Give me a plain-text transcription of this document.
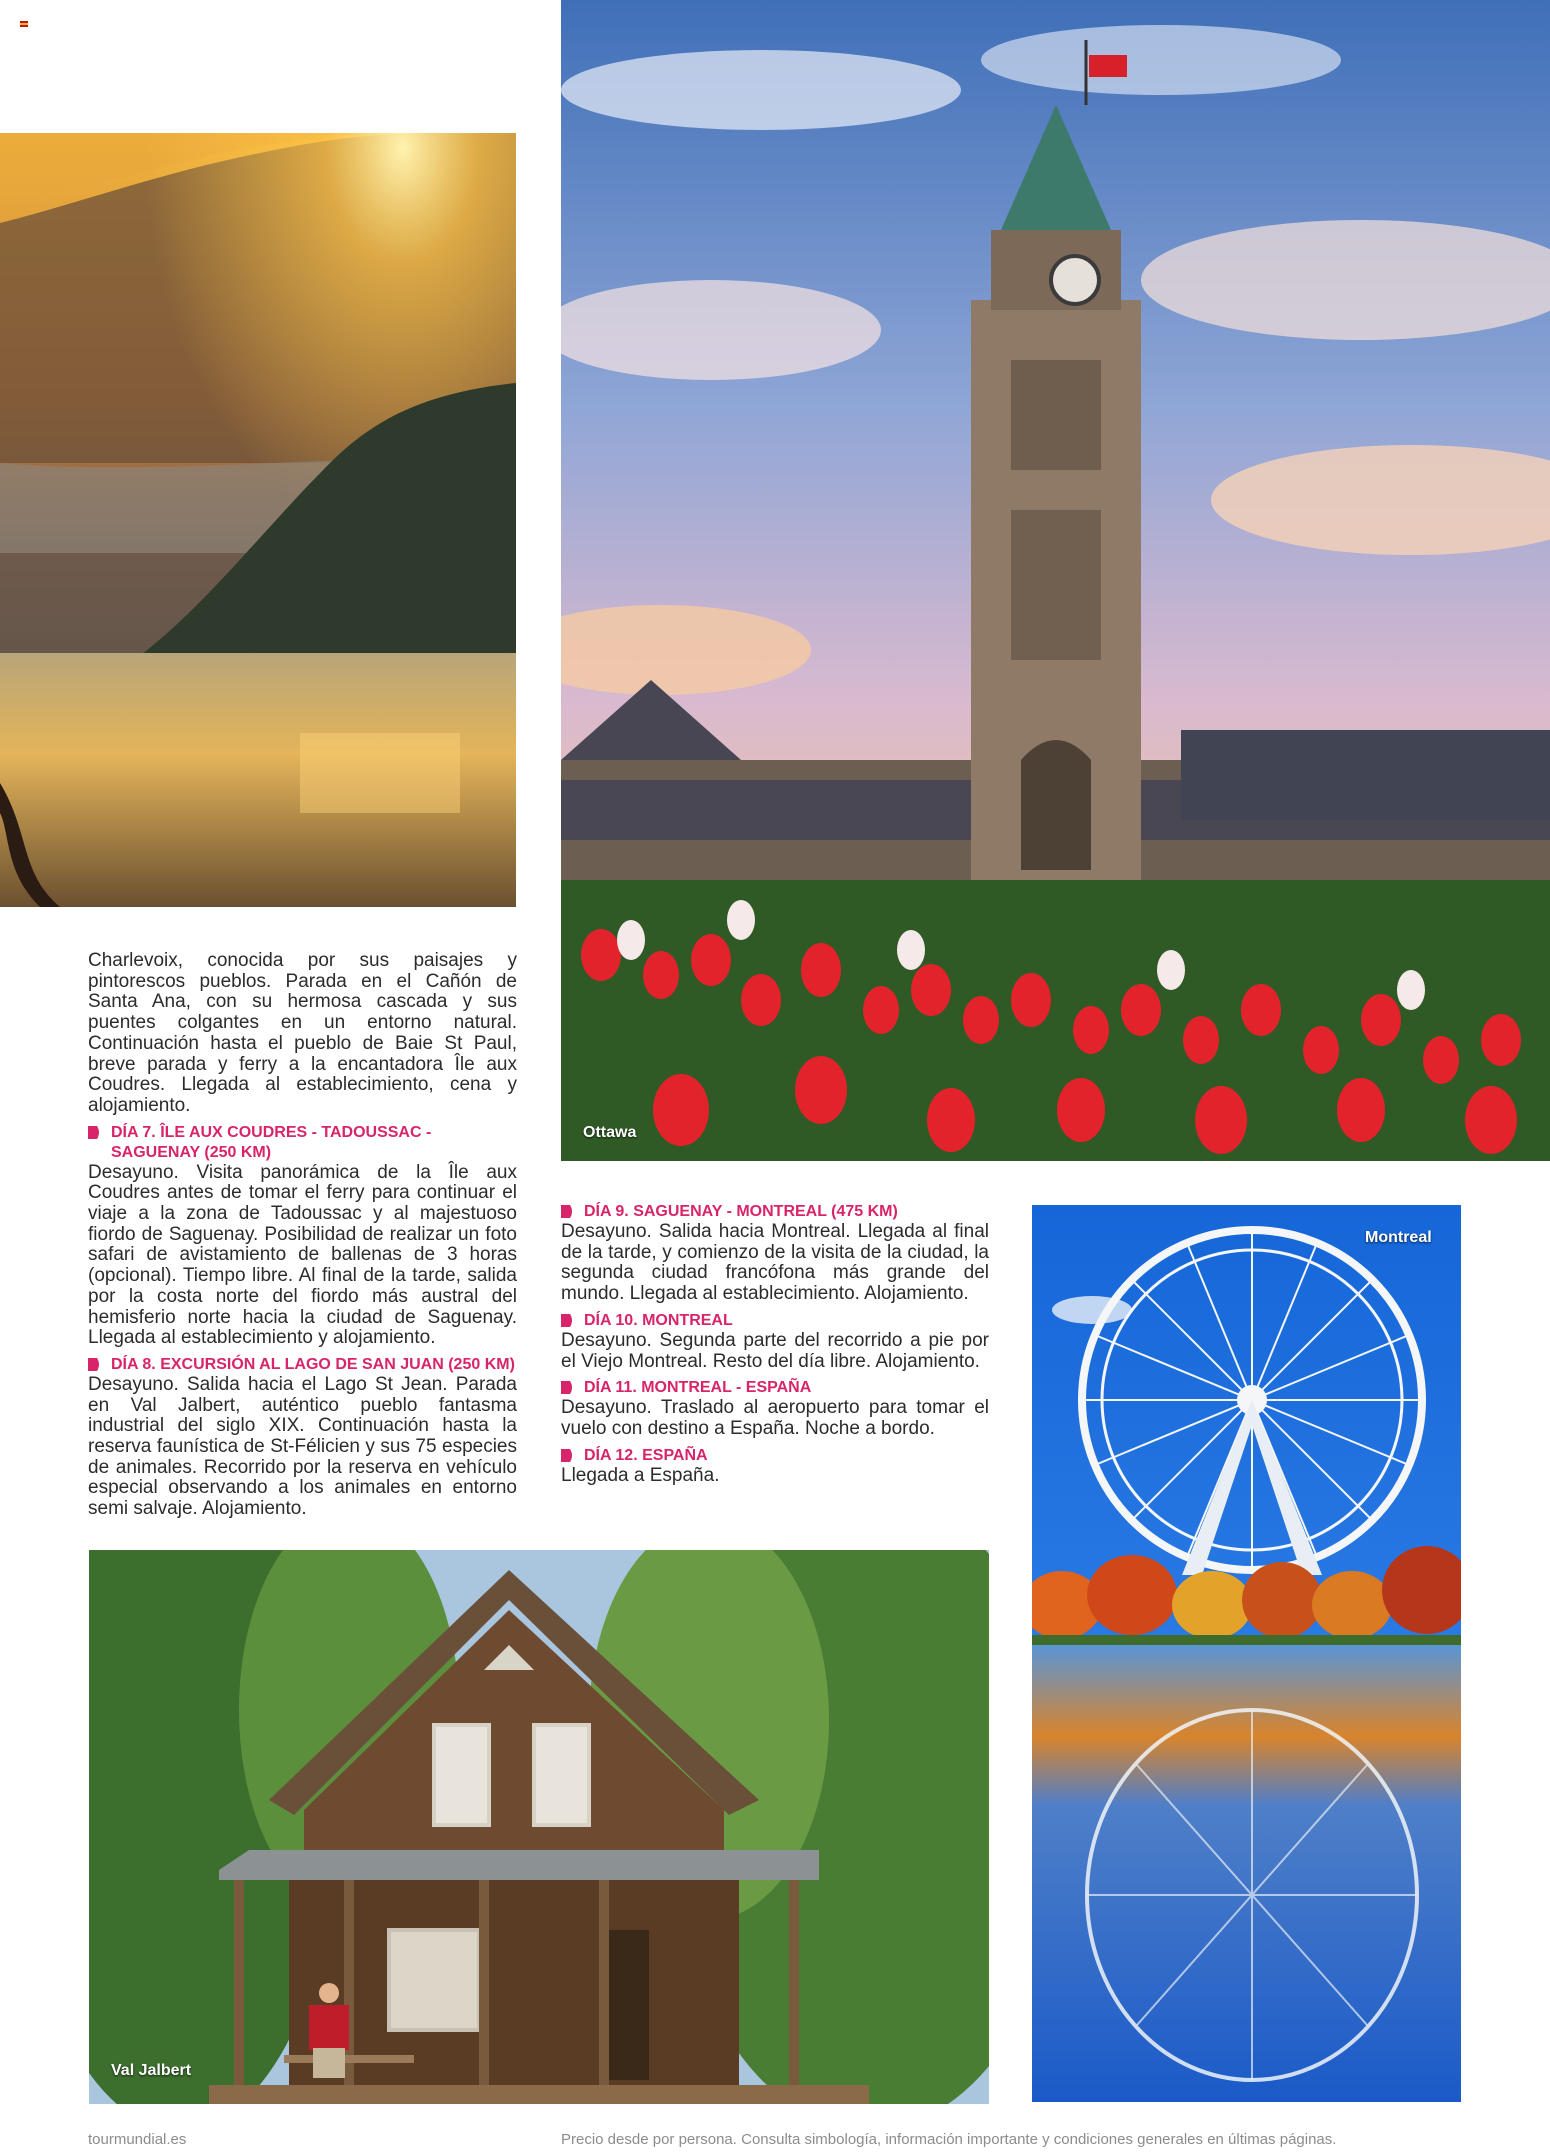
Ottawa

Charlevoix, conocida por sus paisajes y pintorescos pueblos. Parada en el Cañón de Santa Ana, con su hermosa cascada y sus puentes colgantes en un entorno natural. Continuación hasta el pueblo de Baie St Paul, breve parada y ferry a la encantadora Île aux Coudres. Llegada al establecimiento, cena y alojamiento.

DÍA 7. ÎLE AUX COUDRES - TADOUSSAC - SAGUENAY (250 KM)

Desayuno. Visita panorámica de la Île aux Coudres antes de tomar el ferry para continuar el viaje a la zona de Tadoussac y al majestuoso fiordo de Saguenay. Posibilidad de realizar un foto safari de avistamiento de ballenas de 3 horas (opcional). Tiempo libre. Al final de la tarde, salida por la costa norte del fiordo más austral del hemisferio norte hacia la ciudad de Saguenay. Llegada al establecimiento y alojamiento.

DÍA 8. EXCURSIÓN AL LAGO DE SAN JUAN (250 KM)

Desayuno. Salida hacia el Lago St Jean. Parada en Val Jalbert, auténtico pueblo fantasma industrial del siglo XIX. Continuación hasta la reserva faunística de St-Félicien y sus 75 especies de animales. Recorrido por la reserva en vehículo especial observando a los animales en entorno semi salvaje. Alojamiento.

DÍA 9. SAGUENAY - MONTREAL (475 KM)

Desayuno. Salida hacia Montreal. Llegada al final de la tarde, y comienzo de la visita de la ciudad, la segunda ciudad francófona más grande del mundo. Llegada al establecimiento. Alojamiento.

DÍA 10. MONTREAL

Desayuno. Segunda parte del recorrido a pie por el Viejo Montreal. Resto del día libre. Alojamiento.

DÍA 11. MONTREAL - ESPAÑA

Desayuno. Traslado al aeropuerto para tomar el vuelo con destino a España. Noche a bordo.

DÍA 12. ESPAÑA

Llegada a España.

Montreal
Val Jalbert
tourmundial.es	Precio desde por persona. Consulta simbología, información importante y condiciones generales en últimas páginas.
